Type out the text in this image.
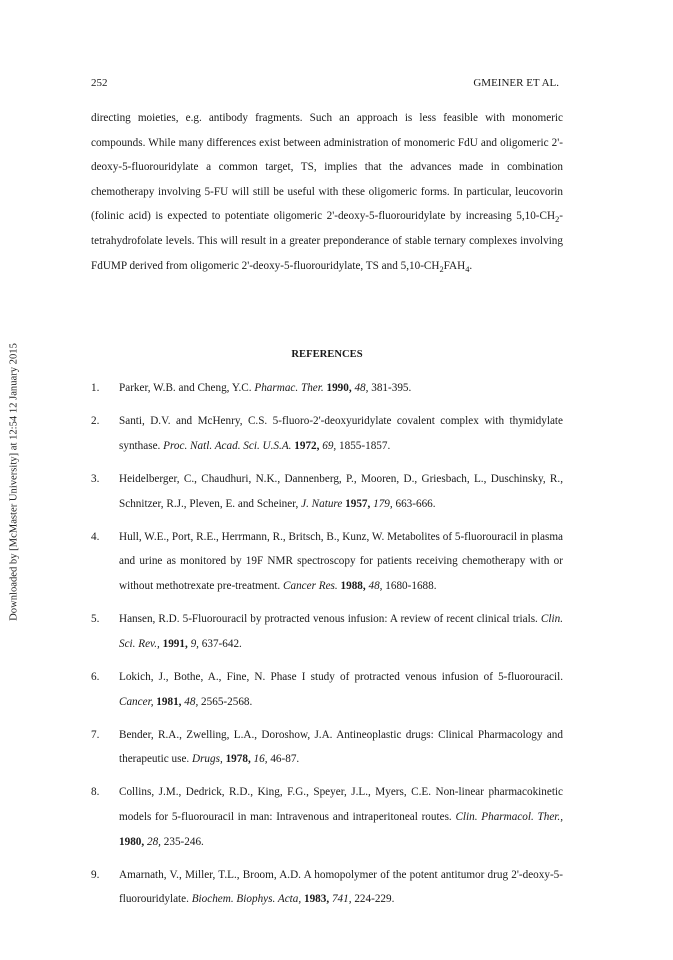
252	GMEINER ET AL.
Downloaded by [McMaster University] at 12:54 12 January 2015

directing moieties, e.g. antibody fragments. Such an approach is less feasible with monomeric compounds. While many differences exist between administration of monomeric FdU and oligomeric 2'-deoxy-5-fluorouridylate a common target, TS, implies that the advances made in combination chemotherapy involving 5-FU will still be useful with these oligomeric forms. In particular, leucovorin (folinic acid) is expected to potentiate oligomeric 2'-deoxy-5-fluorouridylate by increasing $5,10-CH_2$-tetrahydrofolate levels. This will result in a greater preponderance of stable ternary complexes involving FdUMP derived from oligomeric 2'-deoxy-5-fluorouridylate, TS and $5,10-CH_2FAH_4$.

REFERENCES
1. Parker, W.B. and Cheng, Y.C. Pharmac. Ther. 1990, 48, 381-395.
2. Santi, D.V. and McHenry, C.S. 5-fluoro-2'-deoxyuridylate covalent complex with thymidylate synthase. Proc. Natl. Acad. Sci. U.S.A. 1972, 69, 1855-1857.
3. Heidelberger, C., Chaudhuri, N.K., Dannenberg, P., Mooren, D., Griesbach, L., Duschinsky, R., Schnitzer, R.J., Pleven, E. and Scheiner, J. Nature 1957, 179, 663-666.
4. Hull, W.E., Port, R.E., Herrmann, R., Britsch, B., Kunz, W. Metabolites of 5-fluorouracil in plasma and urine as monitored by 19F NMR spectroscopy for patients receiving chemotherapy with or without methotrexate pre-treatment. Cancer Res. 1988, 48, 1680-1688.
5. Hansen, R.D. 5-Fluorouracil by protracted venous infusion: A review of recent clinical trials. Clin. Sci. Rev., 1991, 9, 637-642.
6. Lokich, J., Bothe, A., Fine, N. Phase I study of protracted venous infusion of 5-fluorouracil. Cancer, 1981, 48, 2565-2568.
7. Bender, R.A., Zwelling, L.A., Doroshow, J.A. Antineoplastic drugs: Clinical Pharmacology and therapeutic use. Drugs, 1978, 16, 46-87.
8. Collins, J.M., Dedrick, R.D., King, F.G., Speyer, J.L., Myers, C.E. Non-linear pharmacokinetic models for 5-fluorouracil in man: Intravenous and intraperitoneal routes. Clin. Pharmacol. Ther., 1980, 28, 235-246.
9. Amarnath, V., Miller, T.L., Broom, A.D. A homopolymer of the potent antitumor drug 2'-deoxy-5-fluorouridylate. Biochem. Biophys. Acta, 1983, 741, 224-229.
